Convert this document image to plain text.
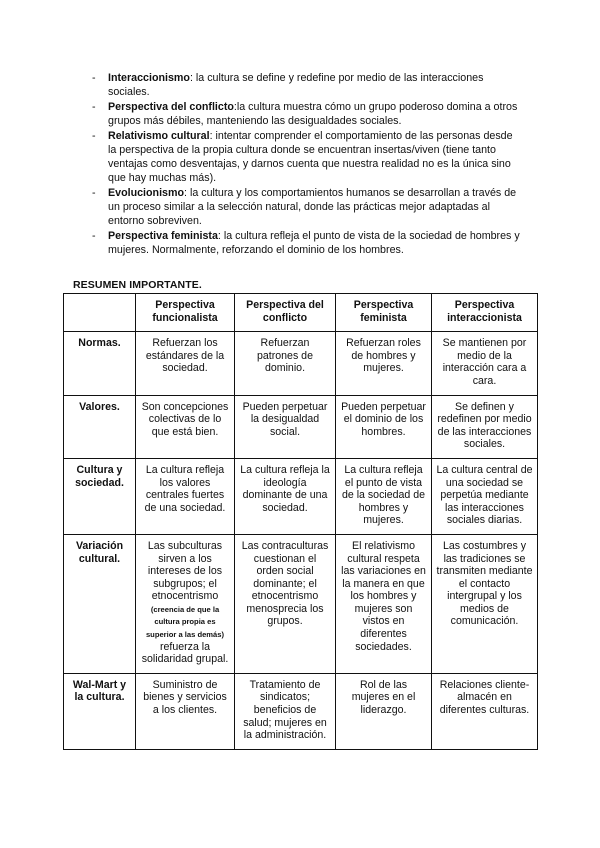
- Interaccionismo: la cultura se define y redefine por medio de las interacciones sociales.
- Perspectiva del conflicto:la cultura muestra cómo un grupo poderoso domina a otros grupos más débiles, manteniendo las desigualdades sociales.
- Relativismo cultural: intentar comprender el comportamiento de las personas desde la perspectiva de la propia cultura donde se encuentran insertas/viven (tiene tanto ventajas como desventajas, y darnos cuenta que nuestra realidad no es la única sino que hay muchas más).
- Evolucionismo: la cultura y los comportamientos humanos se desarrollan a través de un proceso similar a la selección natural, donde las prácticas mejor adaptadas al entorno sobreviven.
- Perspectiva feminista: la cultura refleja el punto de vista de la sociedad de hombres y mujeres. Normalmente, reforzando el dominio de los hombres.
RESUMEN IMPORTANTE.
	Perspectiva funcionalista	Perspectiva del conflicto	Perspectiva feminista	Perspectiva interaccionista
Normas.	Refuerzan los estándares de la sociedad.	Refuerzan patrones de dominio.	Refuerzan roles de hombres y mujeres.	Se mantienen por medio de la interacción cara a cara.
Valores.	Son concepciones colectivas de lo que está bien.	Pueden perpetuar la desigualdad social.	Pueden perpetuar el dominio de los hombres.	Se definen y redefinen por medio de las interacciones sociales.
Cultura y sociedad.	La cultura refleja los valores centrales fuertes de una sociedad.	La cultura refleja la ideología dominante de una sociedad.	La cultura refleja el punto de vista de la sociedad de hombres y mujeres.	La cultura central de una sociedad se perpetúa mediante las interacciones sociales diarias.
Variación cultural.	Las subculturas sirven a los intereses de los subgrupos; el etnocentrismo (creencia de que la cultura propia es superior a las demás) refuerza la solidaridad grupal.	Las contraculturas cuestionan el orden social dominante; el etnocentrismo menosprecia los grupos.	El relativismo cultural respeta las variaciones en la manera en que los hombres y mujeres son vistos en diferentes sociedades.	Las costumbres y las tradiciones se transmiten mediante el contacto intergrupal y los medios de comunicación.
Wal-Mart y la cultura.	Suministro de bienes y servicios a los clientes.	Tratamiento de sindicatos; beneficios de salud; mujeres en la administración.	Rol de las mujeres en el liderazgo.	Relaciones cliente-almacén en diferentes culturas.
